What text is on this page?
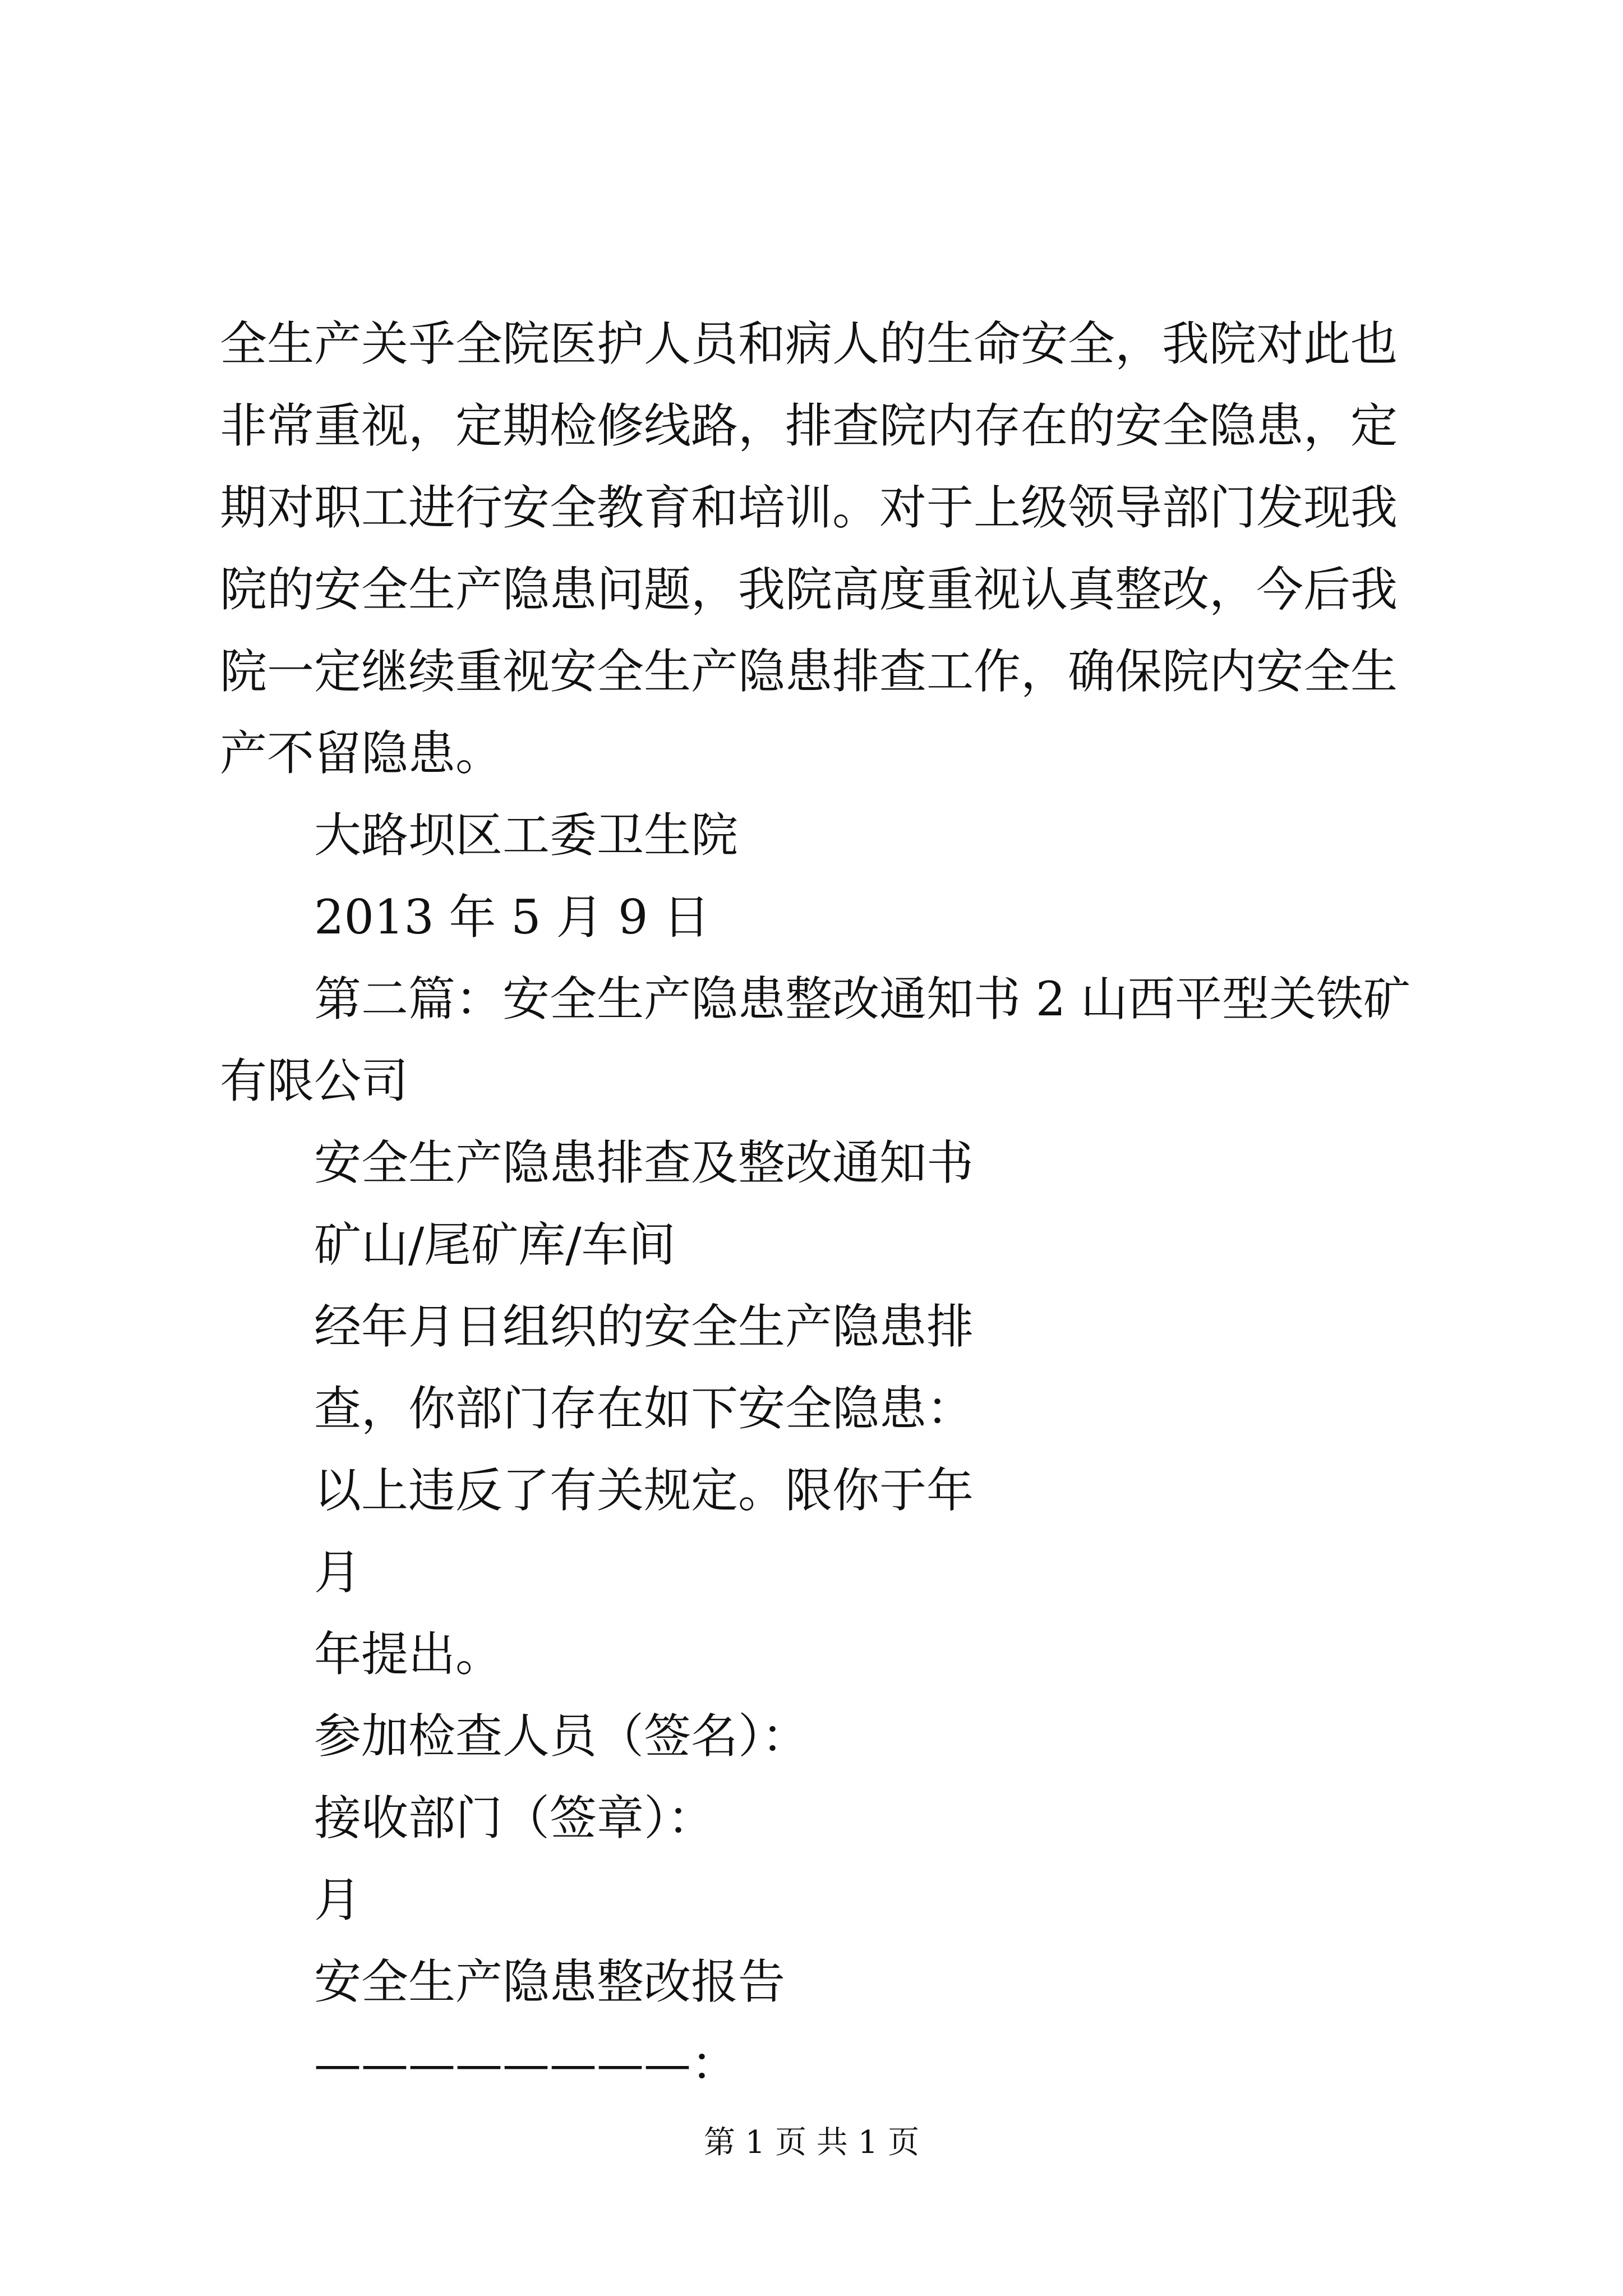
全生产关乎全院医护人员和病人的生命安全，我院对此也非常重视，定期检修线路，排查院内存在的安全隐患，定期对职工进行安全教育和培训。对于上级领导部门发现我院的安全生产隐患问题，我院高度重视认真整改，今后我院一定继续重视安全生产隐患排查工作，确保院内安全生产不留隐患。

大路坝区工委卫生院

2013 年 5 月 9 日

第二篇：安全生产隐患整改通知书 2 山西平型关铁矿有限公司

安全生产隐患排查及整改通知书

矿山/尾矿库/车间

经年月日组织的安全生产隐患排

查，你部门存在如下安全隐患：

以上违反了有关规定。限你于年

月

年提出。

参加检查人员（签名）：

接收部门（签章）：

月

安全生产隐患整改报告

————————：

第 1 页 共 1 页
